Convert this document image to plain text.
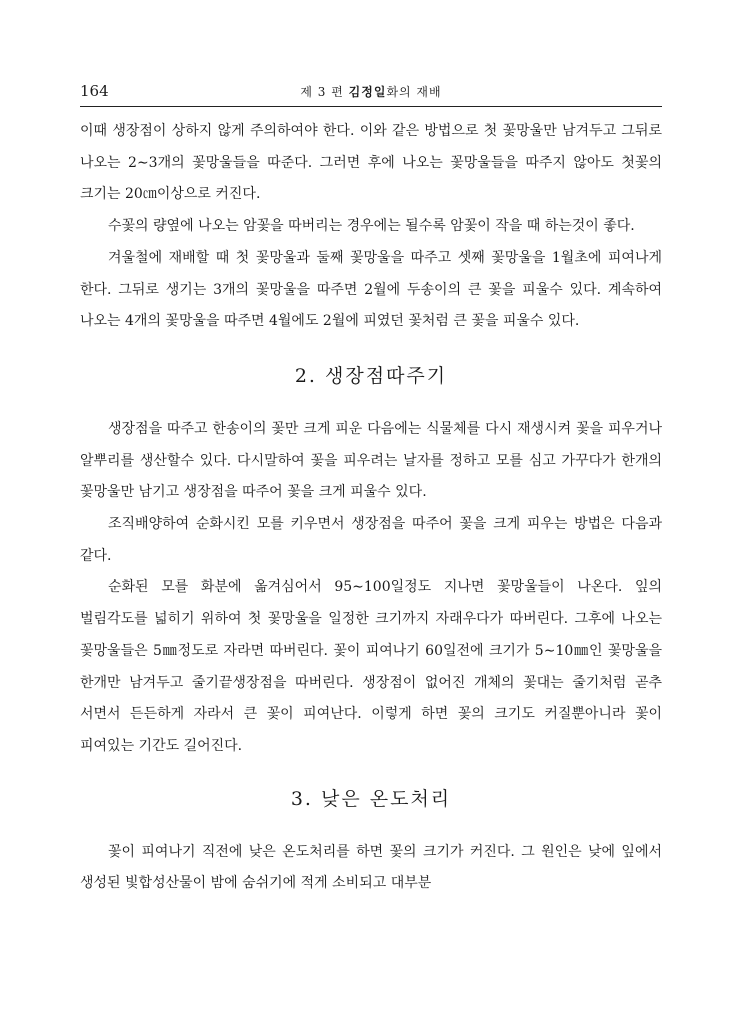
164	제 3 편 김정일화의 재배

이때 생장점이 상하지 않게 주의하여야 한다. 이와 같은 방법으로 첫 꽃망울만 남겨두고 그뒤로 나오는 2∼3개의 꽃망울들을 따준다. 그러면 후에 나오는 꽃망울들을 따주지 않아도 첫꽃의 크기는 20㎝이상으로 커진다.

수꽃의 량옆에 나오는 암꽃을 따버리는 경우에는 될수록 암꽃이 작을 때 하는것이 좋다.

겨울철에 재배할 때 첫 꽃망울과 둘째 꽃망울을 따주고 셋째 꽃망울을 1월초에 피여나게 한다. 그뒤로 생기는 3개의 꽃망울을 따주면 2월에 두송이의 큰 꽃을 피울수 있다. 계속하여 나오는 4개의 꽃망울을 따주면 4월에도 2월에 피였던 꽃처럼 큰 꽃을 피울수 있다.

2. 생장점따주기

생장점을 따주고 한송이의 꽃만 크게 피운 다음에는 식물체를 다시 재생시켜 꽃을 피우거나 알뿌리를 생산할수 있다. 다시말하여 꽃을 피우려는 날자를 정하고 모를 심고 가꾸다가 한개의 꽃망울만 남기고 생장점을 따주어 꽃을 크게 피울수 있다.

조직배양하여 순화시킨 모를 키우면서 생장점을 따주어 꽃을 크게 피우는 방법은 다음과 같다.

순화된 모를 화분에 옮겨심어서 95∼100일정도 지나면 꽃망울들이 나온다. 잎의 벌림각도를 넓히기 위하여 첫 꽃망울을 일정한 크기까지 자래우다가 따버린다. 그후에 나오는 꽃망울들은 5㎜정도로 자라면 따버린다. 꽃이 피여나기 60일전에 크기가 5∼10㎜인 꽃망울을 한개만 남겨두고 줄기끝생장점을 따버린다. 생장점이 없어진 개체의 꽃대는 줄기처럼 곧추 서면서 든든하게 자라서 큰 꽃이 피여난다. 이렇게 하면 꽃의 크기도 커질뿐아니라 꽃이 피여있는 기간도 길어진다.

3. 낮은 온도처리

꽃이 피여나기 직전에 낮은 온도처리를 하면 꽃의 크기가 커진다. 그 원인은 낮에 잎에서 생성된 빛합성산물이 밤에 숨쉬기에 적게 소비되고 대부분
